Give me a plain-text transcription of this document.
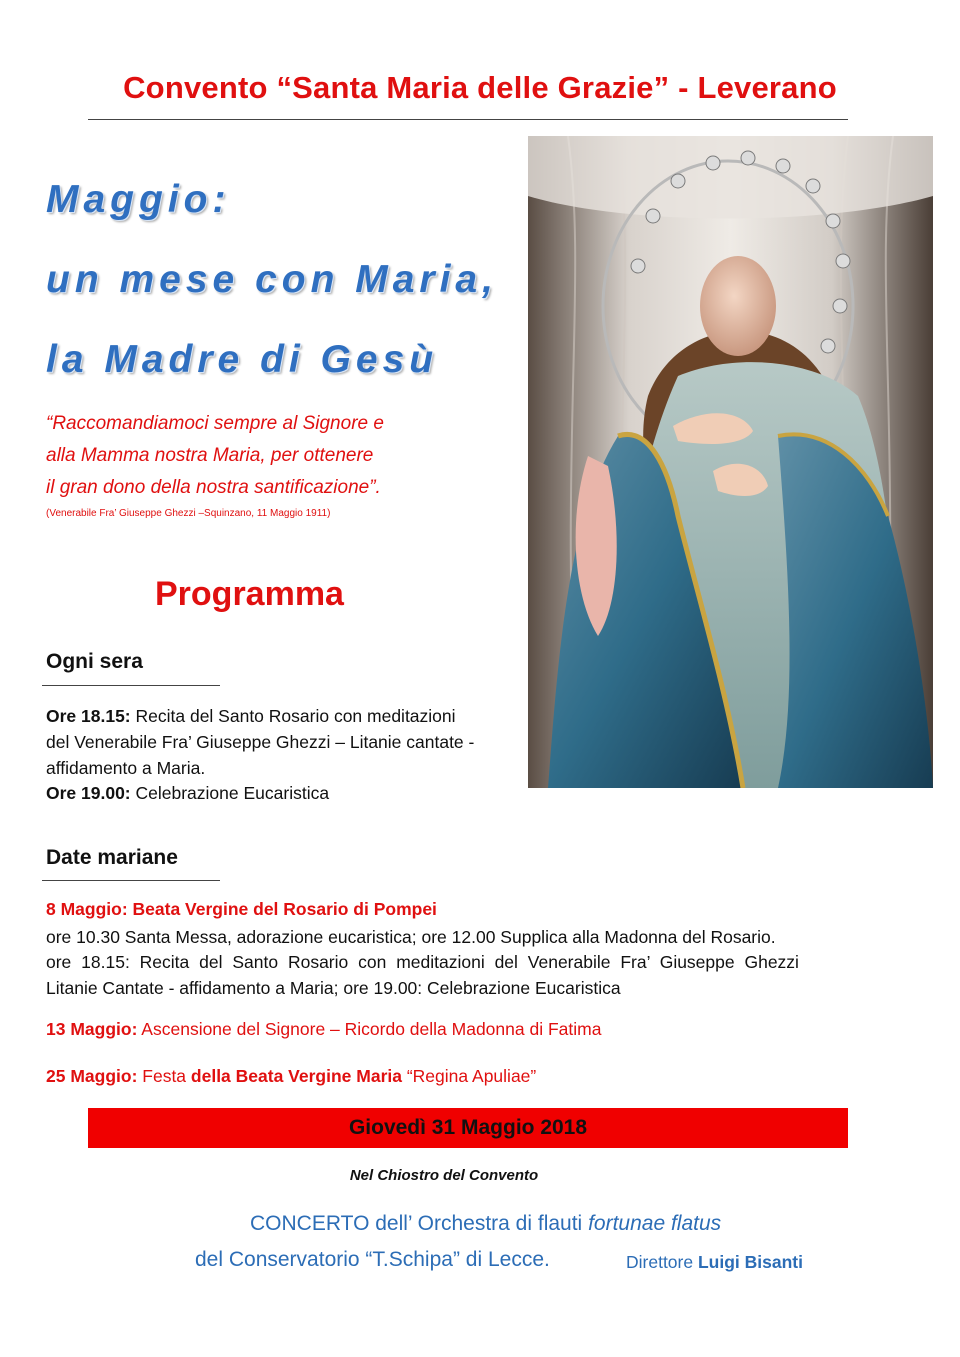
Convento “Santa Maria delle Grazie” - Leverano
Maggio:
un mese con Maria,
la Madre di Gesù
“Raccomandiamoci sempre al Signore e
alla Mamma nostra Maria, per ottenere
il gran dono della nostra santificazione”.
(Venerabile Fra’ Giuseppe Ghezzi –Squinzano, 11 Maggio 1911)
Programma
Ogni sera
Ore 18.15: Recita del Santo Rosario con meditazioni
del Venerabile Fra’ Giuseppe Ghezzi – Litanie cantate -
affidamento a Maria.
Ore 19.00: Celebrazione Eucaristica
Date mariane
8 Maggio: Beata Vergine del Rosario di Pompei
ore 10.30 Santa Messa, adorazione eucaristica; ore 12.00 Supplica alla Madonna del Rosario.
ore 18.15: Recita del Santo Rosario con meditazioni del Venerabile Fra’ Giuseppe Ghezzi
Litanie Cantate - affidamento a Maria; ore 19.00: Celebrazione Eucaristica
13 Maggio: Ascensione del Signore – Ricordo della Madonna di Fatima
25 Maggio: Festa della Beata Vergine Maria “Regina Apuliae”
Giovedì 31 Maggio 2018
Nel Chiostro del Convento
CONCERTO dell’ Orchestra di flauti fortunae flatus
del Conservatorio “T.Schipa” di Lecce.	Direttore Luigi Bisanti
